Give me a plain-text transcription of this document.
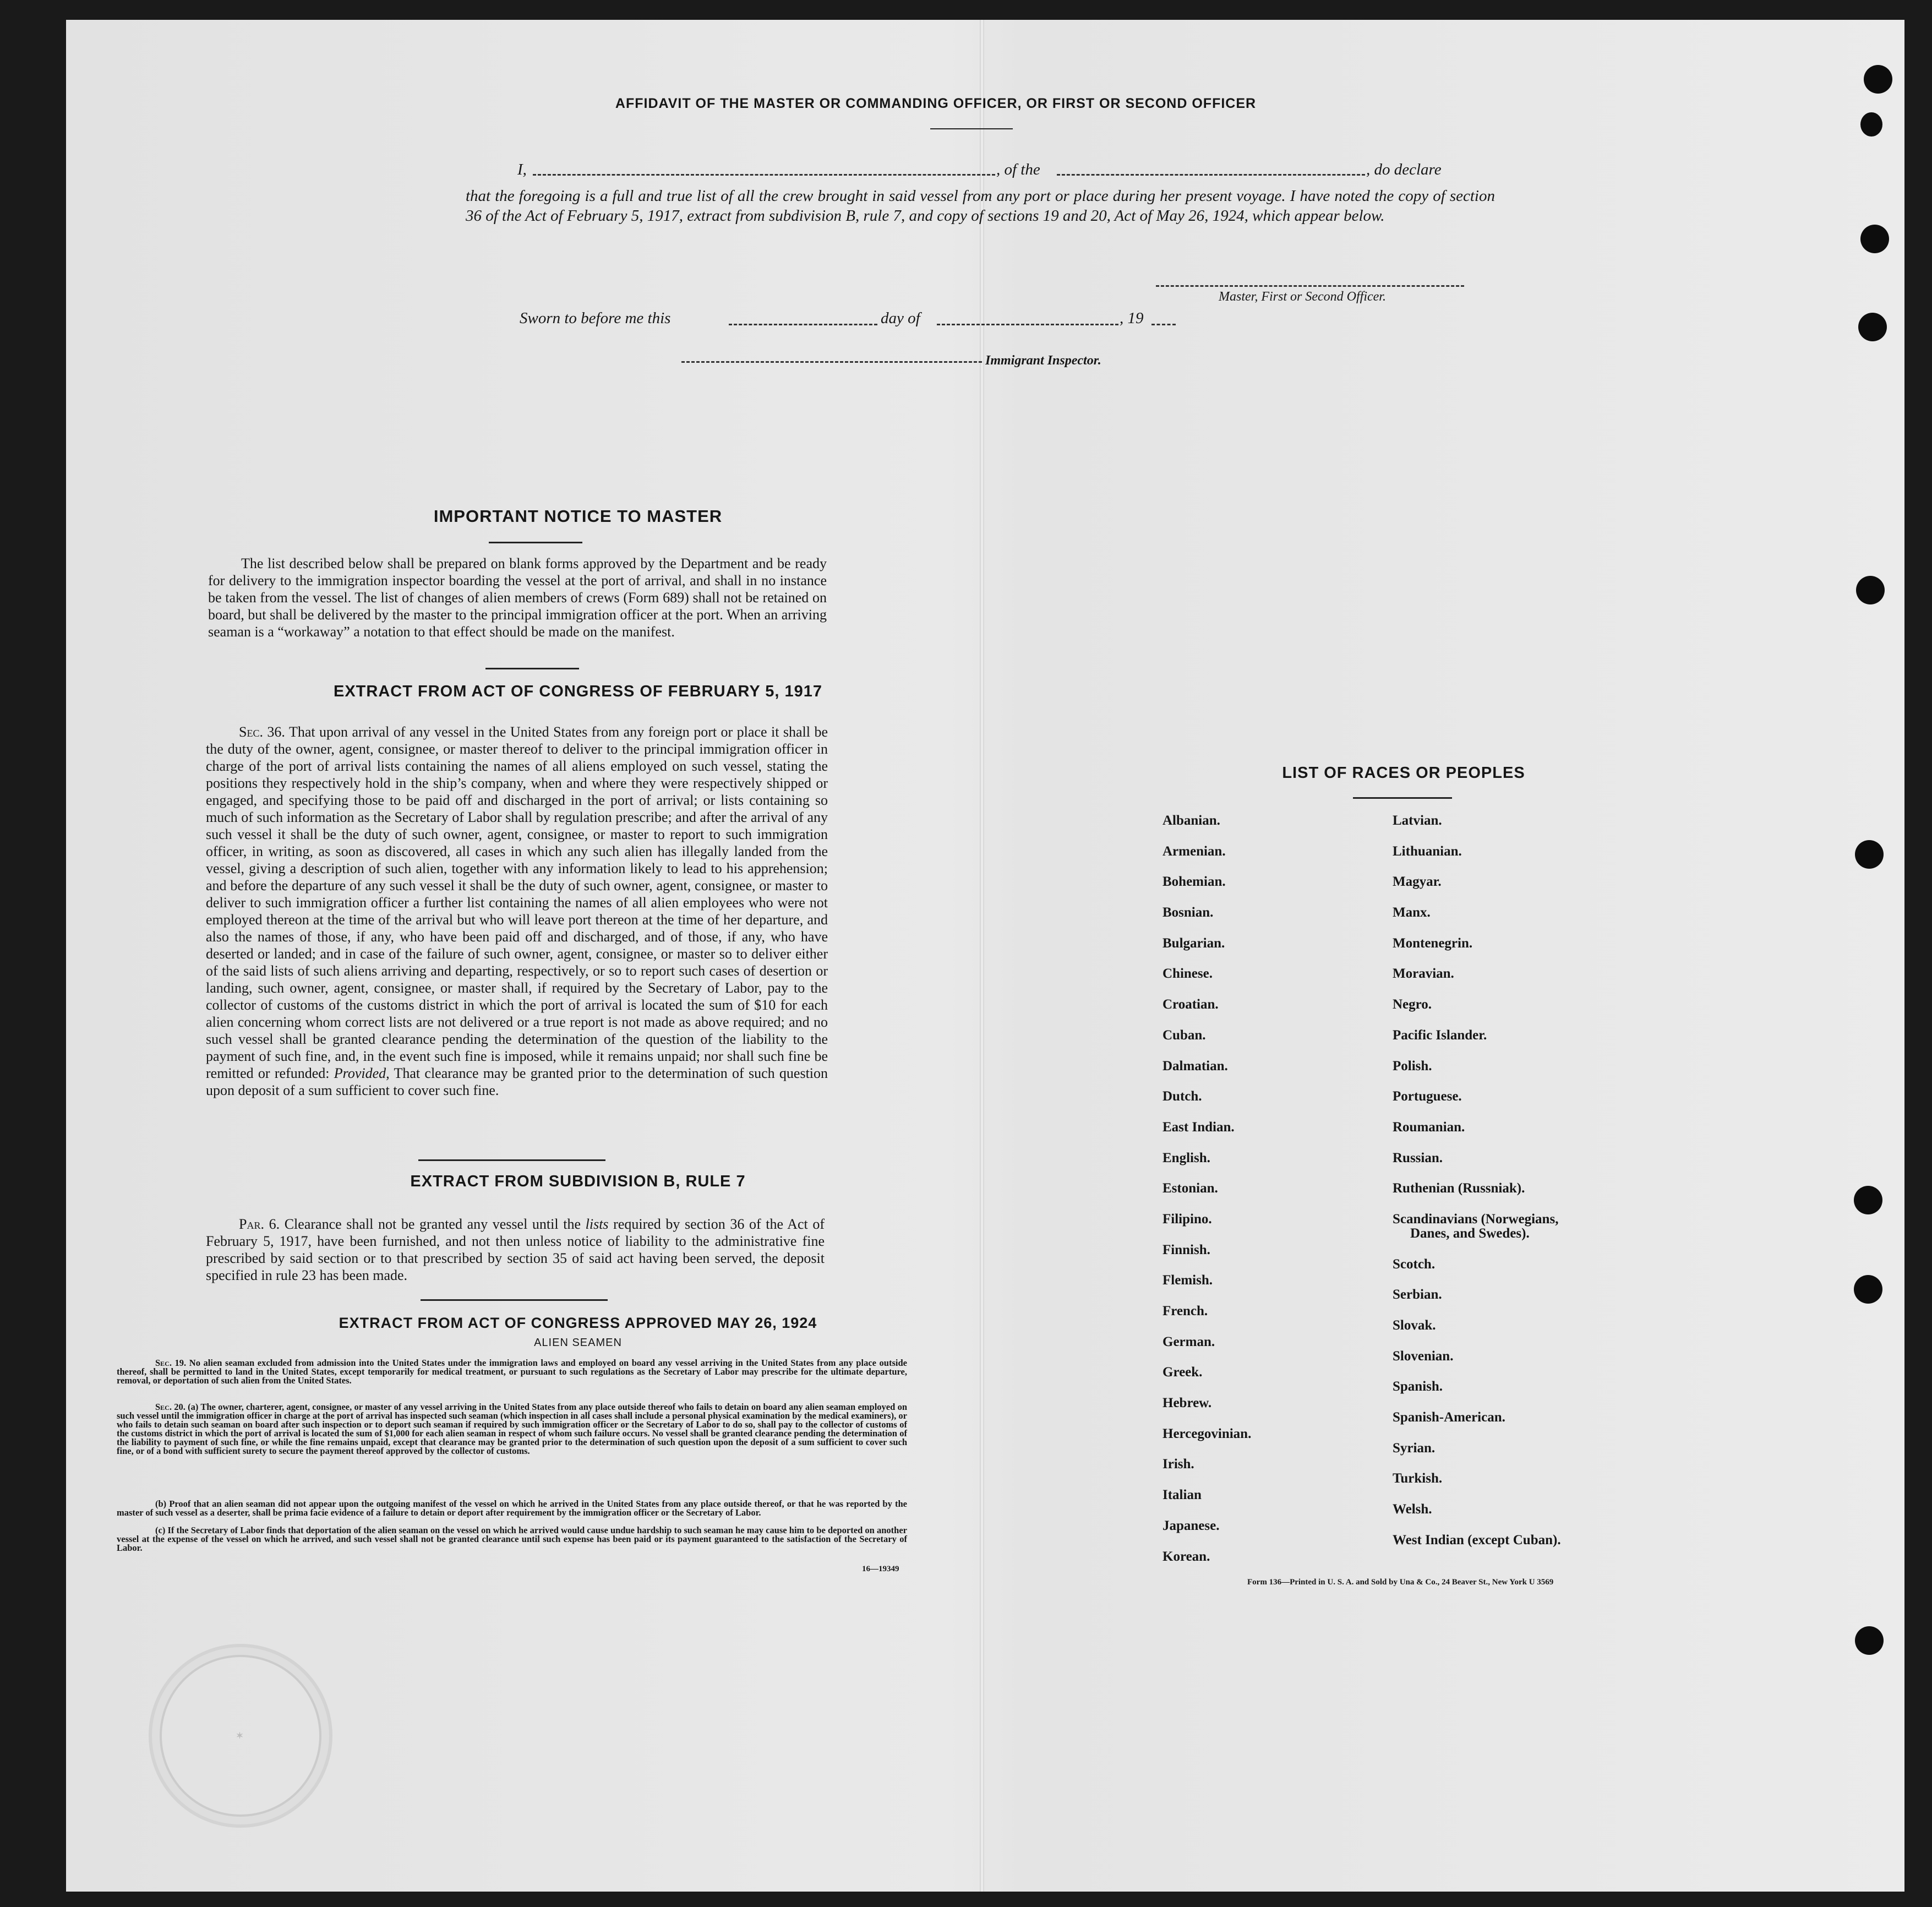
AFFIDAVIT OF THE MASTER OR COMMANDING OFFICER, OR FIRST OR SECOND OFFICER
I,	, of the	, do declare
that the foregoing is a full and true list of all the crew brought in said vessel from any port or place during her present voyage. I have noted the copy of section 36 of the Act of February 5, 1917, extract from subdivision B, rule 7, and copy of sections 19 and 20, Act of May 26, 1924, which appear below.
Master, First or Second Officer.
Sworn to before me this	day of	, 19
Immigrant Inspector.
IMPORTANT NOTICE TO MASTER
The list described below shall be prepared on blank forms approved by the Department and be ready for delivery to the immigration inspector boarding the vessel at the port of arrival, and shall in no instance be taken from the vessel. The list of changes of alien members of crews (Form 689) shall not be retained on board, but shall be delivered by the master to the principal immigration officer at the port. When an arriving seaman is a “workaway” a notation to that effect should be made on the manifest.
EXTRACT FROM ACT OF CONGRESS OF FEBRUARY 5, 1917
Sec. 36. That upon arrival of any vessel in the United States from any foreign port or place it shall be the duty of the owner, agent, consignee, or master thereof to deliver to the principal immigration officer in charge of the port of arrival lists containing the names of all aliens employed on such vessel, stating the positions they respectively hold in the ship’s company, when and where they were respectively shipped or engaged, and specifying those to be paid off and discharged in the port of arrival; or lists containing so much of such information as the Secretary of Labor shall by regulation prescribe; and after the arrival of any such vessel it shall be the duty of such owner, agent, consignee, or master to report to such immigration officer, in writing, as soon as discovered, all cases in which any such alien has illegally landed from the vessel, giving a description of such alien, together with any information likely to lead to his apprehension; and before the departure of any such vessel it shall be the duty of such owner, agent, consignee, or master to deliver to such immigration officer a further list containing the names of all alien employees who were not employed thereon at the time of the arrival but who will leave port thereon at the time of her departure, and also the names of those, if any, who have been paid off and discharged, and of those, if any, who have deserted or landed; and in case of the failure of such owner, agent, consignee, or master so to deliver either of the said lists of such aliens arriving and departing, respectively, or so to report such cases of desertion or landing, such owner, agent, consignee, or master shall, if required by the Secretary of Labor, pay to the collector of customs of the customs district in which the port of arrival is located the sum of $10 for each alien concerning whom correct lists are not delivered or a true report is not made as above required; and no such vessel shall be granted clearance pending the determination of the question of the liability to the payment of such fine, and, in the event such fine is imposed, while it remains unpaid; nor shall such fine be remitted or refunded: Provided, That clearance may be granted prior to the determination of such question upon deposit of a sum sufficient to cover such fine.
EXTRACT FROM SUBDIVISION B, RULE 7
Par. 6. Clearance shall not be granted any vessel until the lists required by section 36 of the Act of February 5, 1917, have been furnished, and not then unless notice of liability to the administrative fine prescribed by said section or to that prescribed by section 35 of said act having been served, the deposit specified in rule 23 has been made.
EXTRACT FROM ACT OF CONGRESS APPROVED MAY 26, 1924
ALIEN SEAMEN
Sec. 19. No alien seaman excluded from admission into the United States under the immigration laws and employed on board any vessel arriving in the United States from any place outside thereof, shall be permitted to land in the United States, except temporarily for medical treatment, or pursuant to such regulations as the Secretary of Labor may prescribe for the ultimate departure, removal, or deportation of such alien from the United States.
Sec. 20. (a) The owner, charterer, agent, consignee, or master of any vessel arriving in the United States from any place outside thereof who fails to detain on board any alien seaman employed on such vessel until the immigration officer in charge at the port of arrival has inspected such seaman (which inspection in all cases shall include a personal physical examination by the medical examiners), or who fails to detain such seaman on board after such inspection or to deport such seaman if required by such immigration officer or the Secretary of Labor to do so, shall pay to the collector of customs of the customs district in which the port of arrival is located the sum of $1,000 for each alien seaman in respect of whom such failure occurs. No vessel shall be granted clearance pending the determination of the liability to payment of such fine, or while the fine remains unpaid, except that clearance may be granted prior to the determination of such question upon the deposit of a sum sufficient to cover such fine, or of a bond with sufficient surety to secure the payment thereof approved by the collector of customs.
(b) Proof that an alien seaman did not appear upon the outgoing manifest of the vessel on which he arrived in the United States from any place outside thereof, or that he was reported by the master of such vessel as a deserter, shall be prima facie evidence of a failure to detain or deport after requirement by the immigration officer or the Secretary of Labor.
(c) If the Secretary of Labor finds that deportation of the alien seaman on the vessel on which he arrived would cause undue hardship to such seaman he may cause him to be deported on another vessel at the expense of the vessel on which he arrived, and such vessel shall not be granted clearance until such expense has been paid or its payment guaranteed to the satisfaction of the Secretary of Labor.
16—19349
✶
LIST OF RACES OR PEOPLES
Albanian.
Armenian.
Bohemian.
Bosnian.
Bulgarian.
Chinese.
Croatian.
Cuban.
Dalmatian.
Dutch.
East Indian.
English.
Estonian.
Filipino.
Finnish.
Flemish.
French.
German.
Greek.
Hebrew.
Hercegovinian.
Irish.
Italian
Japanese.
Korean.
Latvian.
Lithuanian.
Magyar.
Manx.
Montenegrin.
Moravian.
Negro.
Pacific Islander.
Polish.
Portuguese.
Roumanian.
Russian.
Ruthenian (Russniak).
Scandinavians (Norwegians,
Danes, and Swedes).
Scotch.
Serbian.
Slovak.
Slovenian.
Spanish.
Spanish-American.
Syrian.
Turkish.
Welsh.
West Indian (except Cuban).
Form 136—Printed in U. S. A. and Sold by Una & Co., 24 Beaver St., New York U 3569
